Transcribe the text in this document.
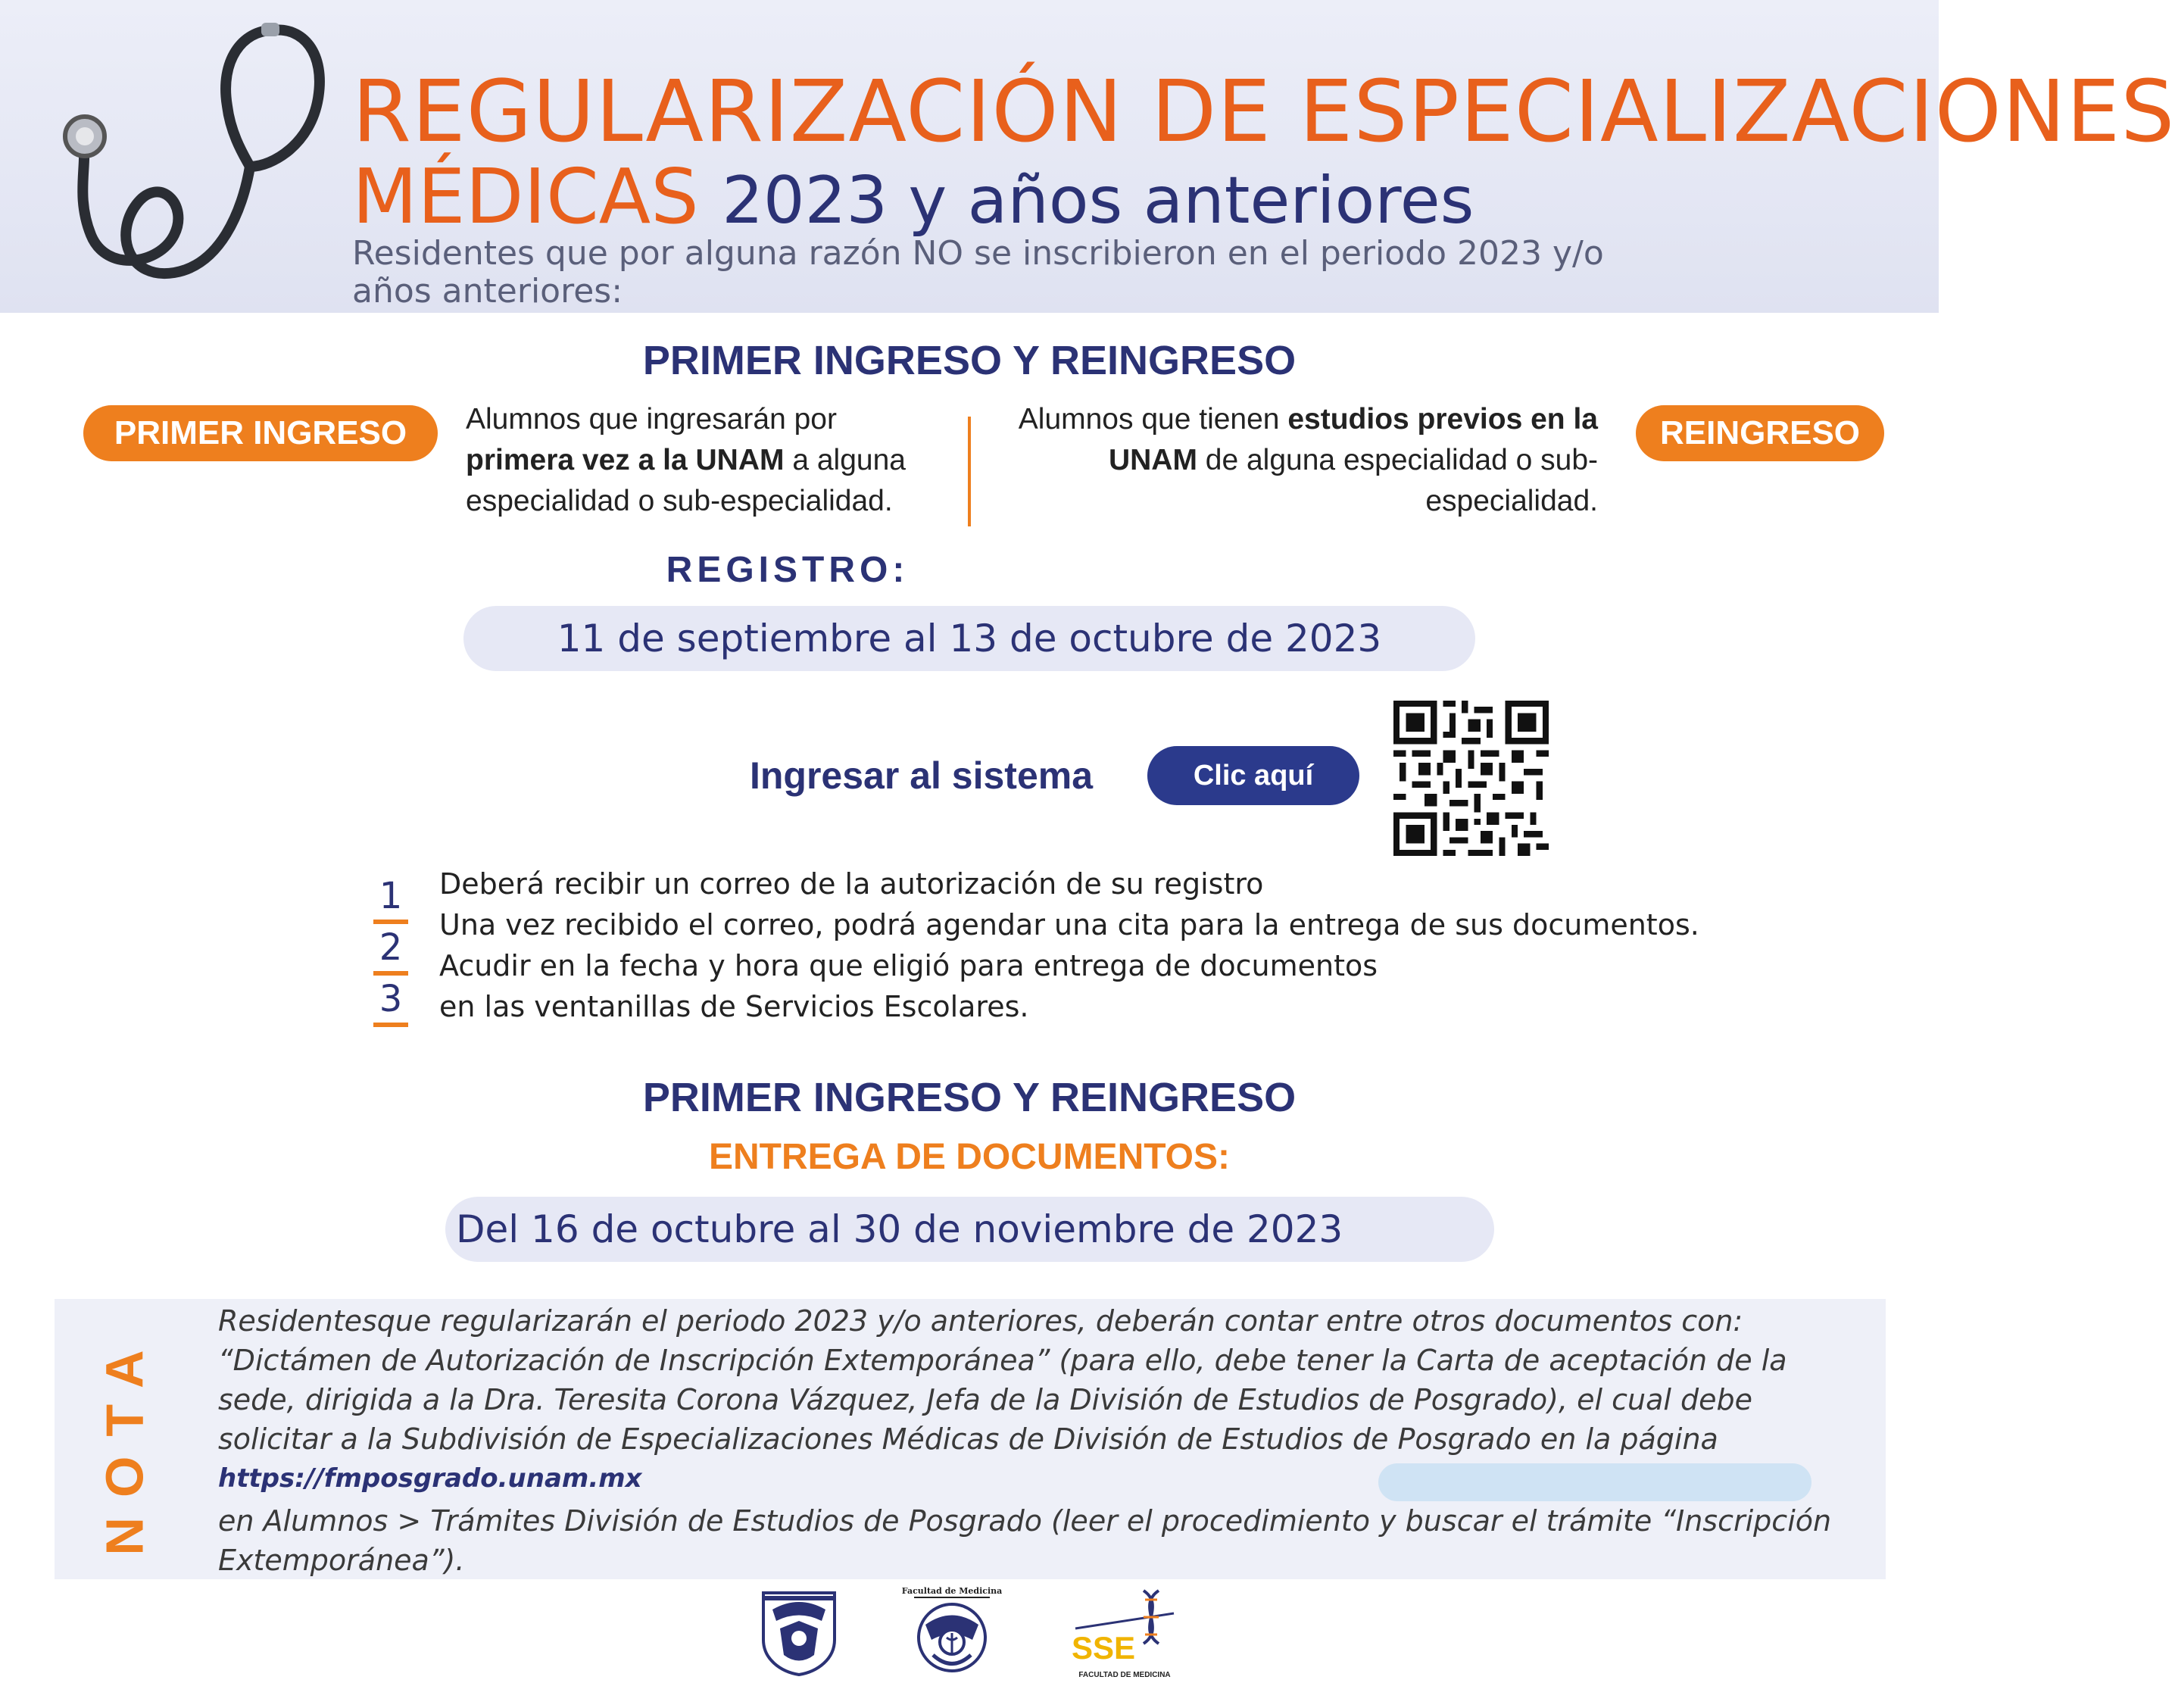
REGULARIZACIÓN DE ESPECIALIZACIONES
MÉDICAS 2023 y años anteriores
Residentes que por alguna razón NO se inscribieron en el periodo 2023 y/o años anteriores:
PRIMER INGRESO Y REINGRESO
PRIMER INGRESO	Alumnos que ingresarán por primera vez a la UNAM a alguna especialidad o sub-especialidad.
Alumnos que tienen estudios previos en la UNAM de alguna especialidad o sub-especialidad.
REINGRESO
REGISTRO:
11 de septiembre al 13 de octubre de 2023
Ingresar al sistema	Clic aquí
1
2
3
Deberá recibir un correo de la autorización de su registro
Una vez recibido el correo, podrá agendar una cita para la entrega de sus documentos.
Acudir en la fecha y hora que eligió para entrega de documentos
en las ventanillas de Servicios Escolares.
PRIMER INGRESO Y REINGRESO
ENTREGA DE DOCUMENTOS:
Del 16 de octubre al 30 de noviembre de 2023
NOTA
Residentesque regularizarán el periodo 2023 y/o anteriores, deberán contar entre otros documentos con: “Dictámen de Autorización de Inscripción Extemporánea” (para ello, debe tener la Carta de aceptación de la sede, dirigida a la Dra. Teresita Corona Vázquez, Jefa de la División de Estudios de Posgrado), el cual debe solicitar a la Subdivisión de Especializaciones Médicas de División de Estudios de Posgrado en la página
https://fmposgrado.unam.mx
en Alumnos > Trámites División de Estudios de Posgrado (leer el procedimiento y buscar el trámite “Inscripción Extemporánea”).
Facultad de Medicina
SSE
FACULTAD DE MEDICINA
